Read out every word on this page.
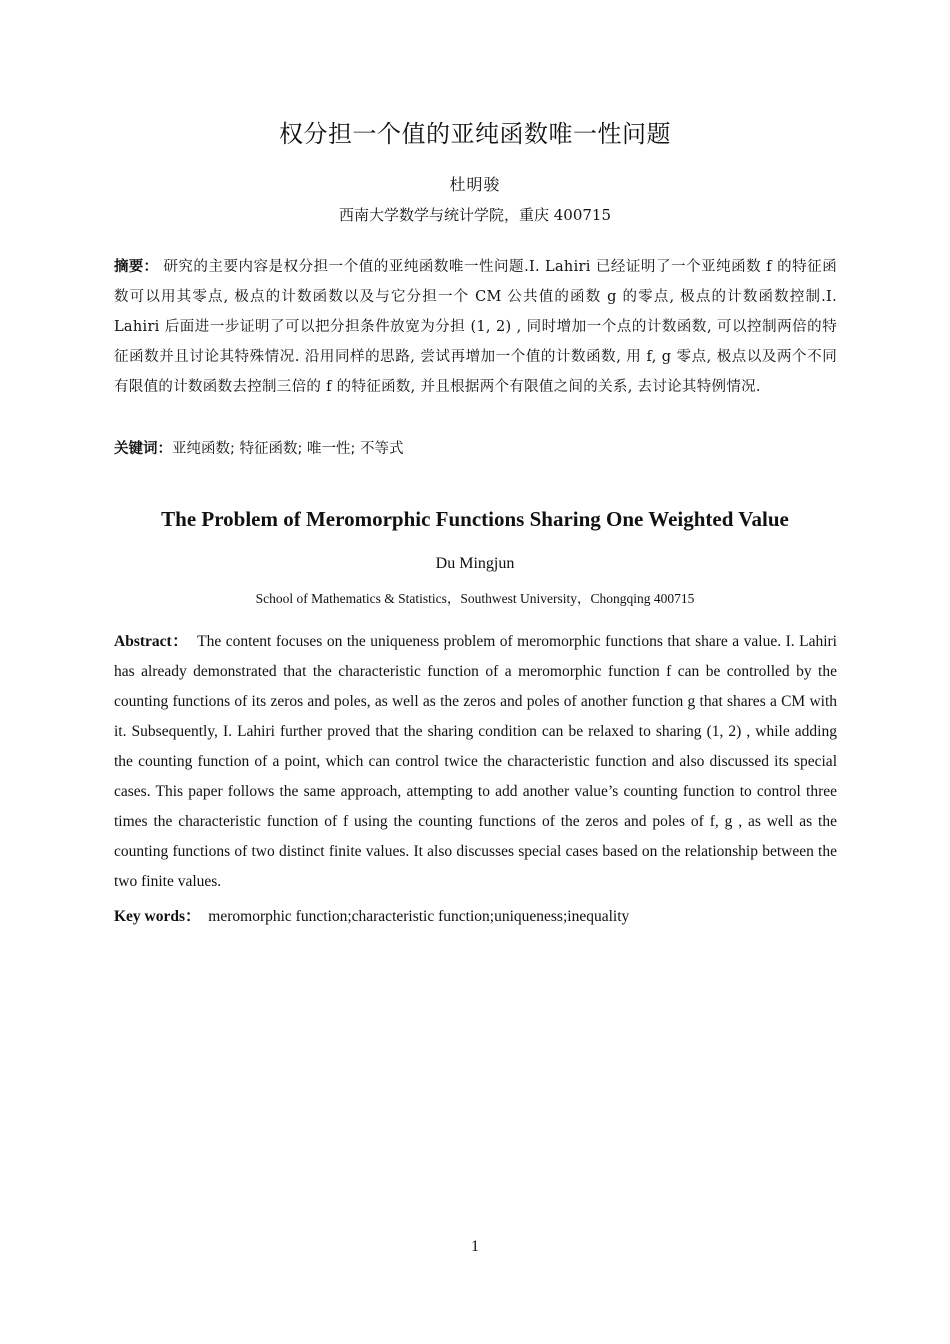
权分担一个值的亚纯函数唯一性问题
杜明骏
西南大学数学与统计学院，重庆 400715
摘要： 研究的主要内容是权分担一个值的亚纯函数唯一性问题.I. Lahiri 已经证明了一个亚纯函数 f 的特征函数可以用其零点, 极点的计数函数以及与它分担一个 CM 公共值的函数 g 的零点, 极点的计数函数控制.I. Lahiri 后面进一步证明了可以把分担条件放宽为分担 (1, 2) , 同时增加一个点的计数函数, 可以控制两倍的特征函数并且讨论其特殊情况. 沿用同样的思路, 尝试再增加一个值的计数函数, 用 f, g 零点, 极点以及两个不同有限值的计数函数去控制三倍的 f 的特征函数, 并且根据两个有限值之间的关系, 去讨论其特例情况.
关键词：亚纯函数; 特征函数; 唯一性; 不等式
The Problem of Meromorphic Functions Sharing One Weighted Value
Du Mingjun
School of Mathematics & Statistics，Southwest University，Chongqing 400715
Abstract： The content focuses on the uniqueness problem of meromorphic functions that share a value. I. Lahiri has already demonstrated that the characteristic function of a meromorphic function f can be controlled by the counting functions of its zeros and poles, as well as the zeros and poles of another function g that shares a CM with it. Subsequently, I. Lahiri further proved that the sharing condition can be relaxed to sharing (1, 2) , while adding the counting function of a point, which can control twice the characteristic function and also discussed its special cases. This paper follows the same approach, attempting to add another value’s counting function to control three times the characteristic function of f using the counting functions of the zeros and poles of f, g , as well as the counting functions of two distinct finite values. It also discusses special cases based on the relationship between the two finite values.
Key words： meromorphic function;characteristic function;uniqueness;inequality
1
